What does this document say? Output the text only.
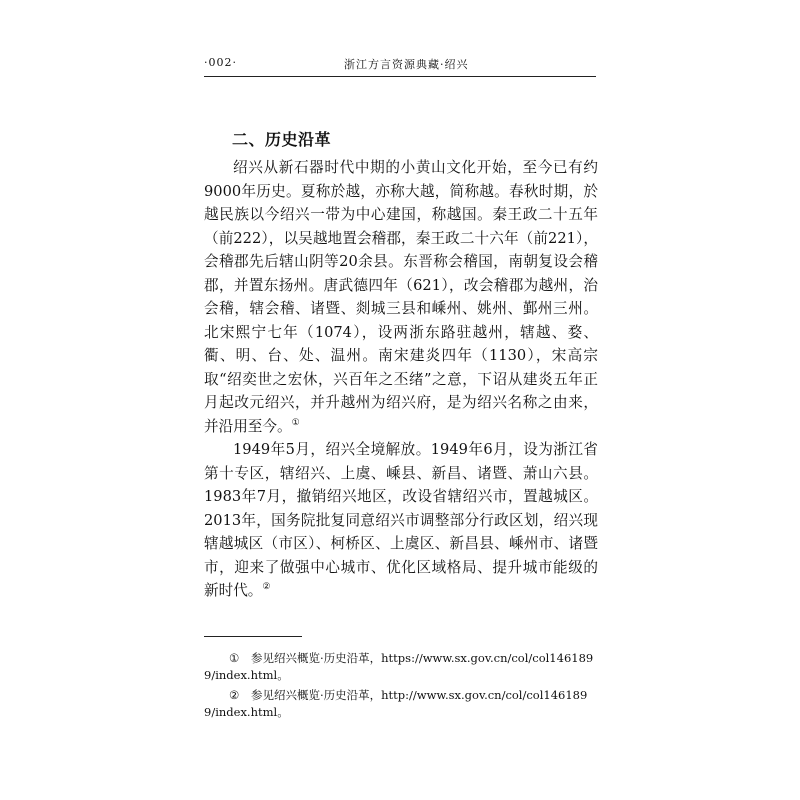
·002·	浙江方言资源典藏·绍兴
二、历史沿革

绍兴从新石器时代中期的小黄山文化开始，至今已有约9000年历史。夏称於越，亦称大越，简称越。春秋时期，於越民族以今绍兴一带为中心建国，称越国。秦王政二十五年（前222），以吴越地置会稽郡，秦王政二十六年（前221），会稽郡先后辖山阴等20余县。东晋称会稽国，南朝复设会稽郡，并置东扬州。唐武德四年（621），改会稽郡为越州，治会稽，辖会稽、诸暨、剡城三县和嵊州、姚州、鄞州三州。北宋熙宁七年（1074），设两浙东路驻越州，辖越、婺、衢、明、台、处、温州。南宋建炎四年（1130），宋高宗取“绍奕世之宏休，兴百年之丕绪”之意，下诏从建炎五年正月起改元绍兴，并升越州为绍兴府，是为绍兴名称之由来，并沿用至今。①

1949年5月，绍兴全境解放。1949年6月，设为浙江省第十专区，辖绍兴、上虞、嵊县、新昌、诸暨、萧山六县。1983年7月，撤销绍兴地区，改设省辖绍兴市，置越城区。2013年，国务院批复同意绍兴市调整部分行政区划，绍兴现辖越城区（市区）、柯桥区、上虞区、新昌县、嵊州市、诸暨市，迎来了做强中心城市、优化区域格局、提升城市能级的新时代。②

① 参见绍兴概览·历史沿革，https://www.sx.gov.cn/col/col1461899/index.html。

② 参见绍兴概览·历史沿革，http://www.sx.gov.cn/col/col1461899/index.html。
